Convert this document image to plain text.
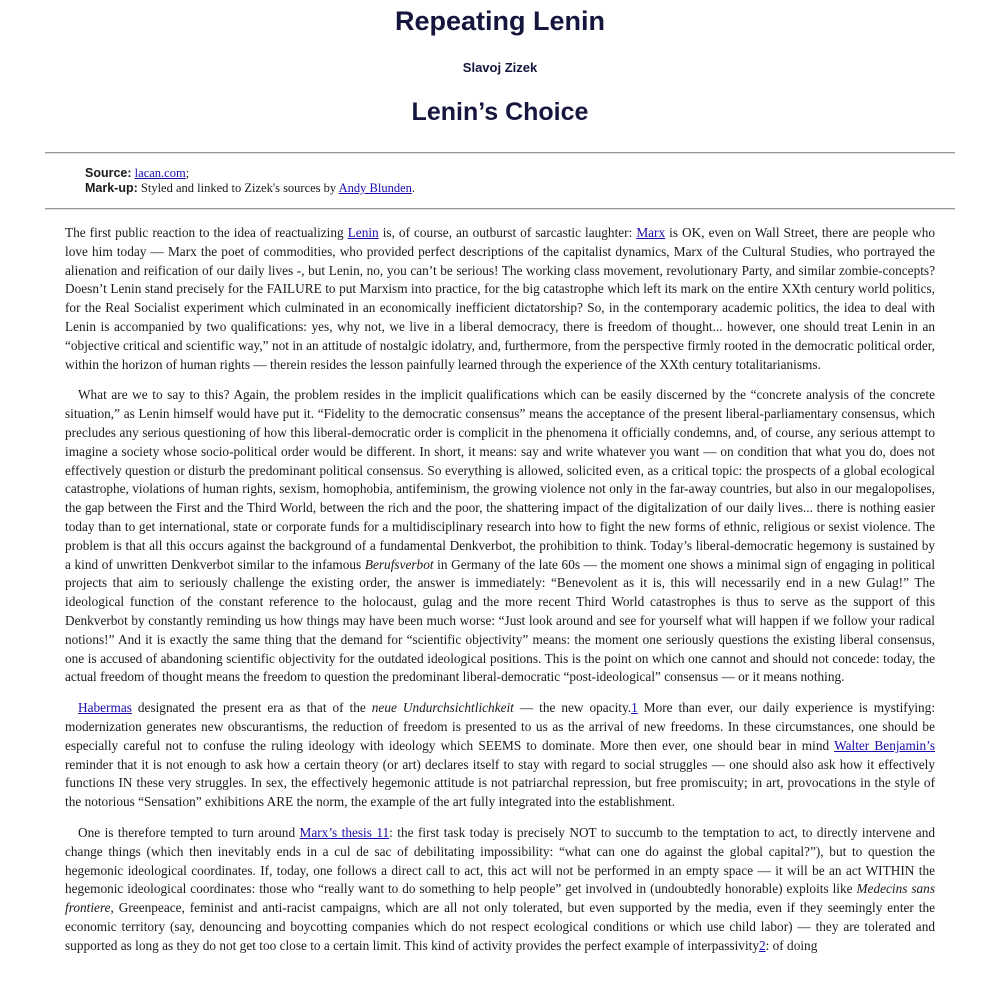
Repeating Lenin
Slavoj Zizek
Lenin’s Choice
Source: lacan.com;
Mark-up: Styled and linked to Zizek's sources by Andy Blunden.

The first public reaction to the idea of reactualizing Lenin is, of course, an outburst of sarcastic laughter: Marx is OK, even on Wall Street, there are people who love him today — Marx the poet of commodities, who provided perfect descriptions of the capitalist dynamics, Marx of the Cultural Studies, who portrayed the alienation and reification of our daily lives -, but Lenin, no, you can’t be serious! The working class movement, revolutionary Party, and similar zombie-concepts? Doesn’t Lenin stand precisely for the FAILURE to put Marxism into practice, for the big catastrophe which left its mark on the entire XXth century world politics, for the Real Socialist experiment which culminated in an economically inefficient dictatorship? So, in the contemporary academic politics, the idea to deal with Lenin is accompanied by two qualifications: yes, why not, we live in a liberal democracy, there is freedom of thought... however, one should treat Lenin in an “objective critical and scientific way,” not in an attitude of nostalgic idolatry, and, furthermore, from the perspective firmly rooted in the democratic political order, within the horizon of human rights — therein resides the lesson painfully learned through the experience of the XXth century totalitarianisms.

What are we to say to this? Again, the problem resides in the implicit qualifications which can be easily discerned by the “concrete analysis of the concrete situation,” as Lenin himself would have put it. “Fidelity to the democratic consensus” means the acceptance of the present liberal-parliamentary consensus, which precludes any serious questioning of how this liberal-democratic order is complicit in the phenomena it officially condemns, and, of course, any serious attempt to imagine a society whose socio-political order would be different. In short, it means: say and write whatever you want — on condition that what you do, does not effectively question or disturb the predominant political consensus. So everything is allowed, solicited even, as a critical topic: the prospects of a global ecological catastrophe, violations of human rights, sexism, homophobia, antifeminism, the growing violence not only in the far-away countries, but also in our megalopolises, the gap between the First and the Third World, between the rich and the poor, the shattering impact of the digitalization of our daily lives... there is nothing easier today than to get international, state or corporate funds for a multidisciplinary research into how to fight the new forms of ethnic, religious or sexist violence. The problem is that all this occurs against the background of a fundamental Denkverbot, the prohibition to think. Today’s liberal-democratic hegemony is sustained by a kind of unwritten Denkverbot similar to the infamous Berufsverbot in Germany of the late 60s — the moment one shows a minimal sign of engaging in political projects that aim to seriously challenge the existing order, the answer is immediately: “Benevolent as it is, this will necessarily end in a new Gulag!” The ideological function of the constant reference to the holocaust, gulag and the more recent Third World catastrophes is thus to serve as the support of this Denkverbot by constantly reminding us how things may have been much worse: “Just look around and see for yourself what will happen if we follow your radical notions!” And it is exactly the same thing that the demand for “scientific objectivity” means: the moment one seriously questions the existing liberal consensus, one is accused of abandoning scientific objectivity for the outdated ideological positions. This is the point on which one cannot and should not concede: today, the actual freedom of thought means the freedom to question the predominant liberal-democratic “post-ideological” consensus — or it means nothing.

Habermas designated the present era as that of the neue Undurchsichtlichkeit — the new opacity.1 More than ever, our daily experience is mystifying: modernization generates new obscurantisms, the reduction of freedom is presented to us as the arrival of new freedoms. In these circumstances, one should be especially careful not to confuse the ruling ideology with ideology which SEEMS to dominate. More then ever, one should bear in mind Walter Benjamin’s reminder that it is not enough to ask how a certain theory (or art) declares itself to stay with regard to social struggles — one should also ask how it effectively functions IN these very struggles. In sex, the effectively hegemonic attitude is not patriarchal repression, but free promiscuity; in art, provocations in the style of the notorious “Sensation” exhibitions ARE the norm, the example of the art fully integrated into the establishment.

One is therefore tempted to turn around Marx’s thesis 11: the first task today is precisely NOT to succumb to the temptation to act, to directly intervene and change things (which then inevitably ends in a cul de sac of debilitating impossibility: “what can one do against the global capital?”), but to question the hegemonic ideological coordinates. If, today, one follows a direct call to act, this act will not be performed in an empty space — it will be an act WITHIN the hegemonic ideological coordinates: those who “really want to do something to help people” get involved in (undoubtedly honorable) exploits like Medecins sans frontiere, Greenpeace, feminist and anti-racist campaigns, which are all not only tolerated, but even supported by the media, even if they seemingly enter the economic territory (say, denouncing and boycotting companies which do not respect ecological conditions or which use child labor) — they are tolerated and supported as long as they do not get too close to a certain limit. This kind of activity provides the perfect example of interpassivity2: of doing
